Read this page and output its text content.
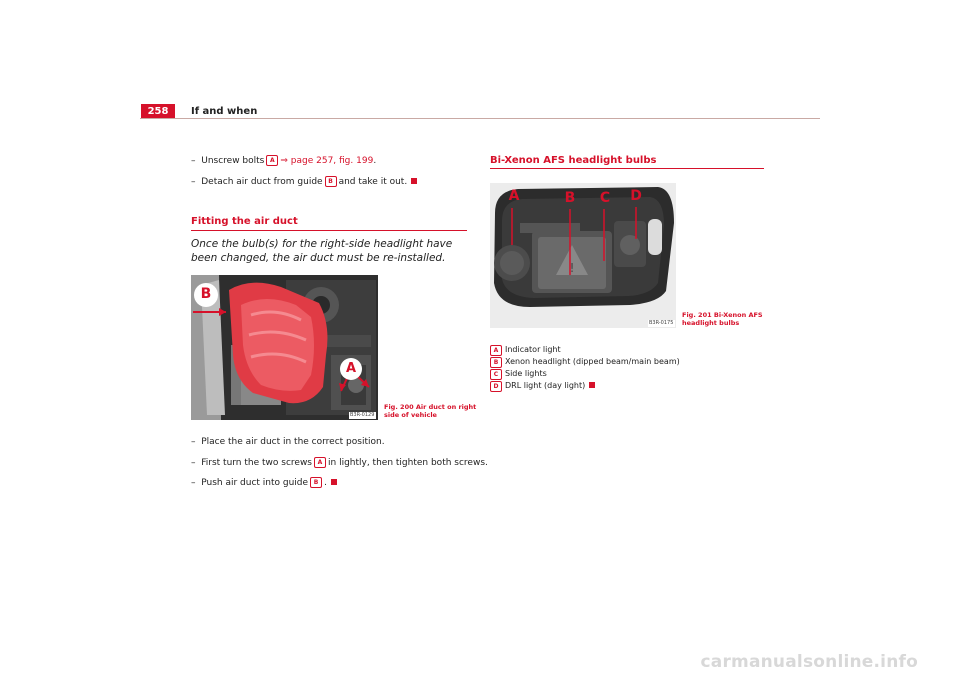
258	If and when
– Unscrew bolts A ⇒ page 257, fig. 199.
– Detach air duct from guide B and take it out.
Fitting the air duct
Once the bulb(s) for the right-side headlight have been changed, the air duct must be re-installed.
B
A
B3R-0129
Fig. 200 Air duct on right
side of vehicle
– Place the air duct in the correct position.
– First turn the two screws A in lightly, then tighten both screws.
– Push air duct into guide B .
Bi-Xenon AFS headlight bulbs
!
A	B C D
B3R-0175
Fig. 201 Bi-Xenon AFS
headlight bulbs
A Indicator light
B Xenon headlight (dipped beam/main beam)
C Side lights
D DRL light (day light)
carmanualsonline.info
